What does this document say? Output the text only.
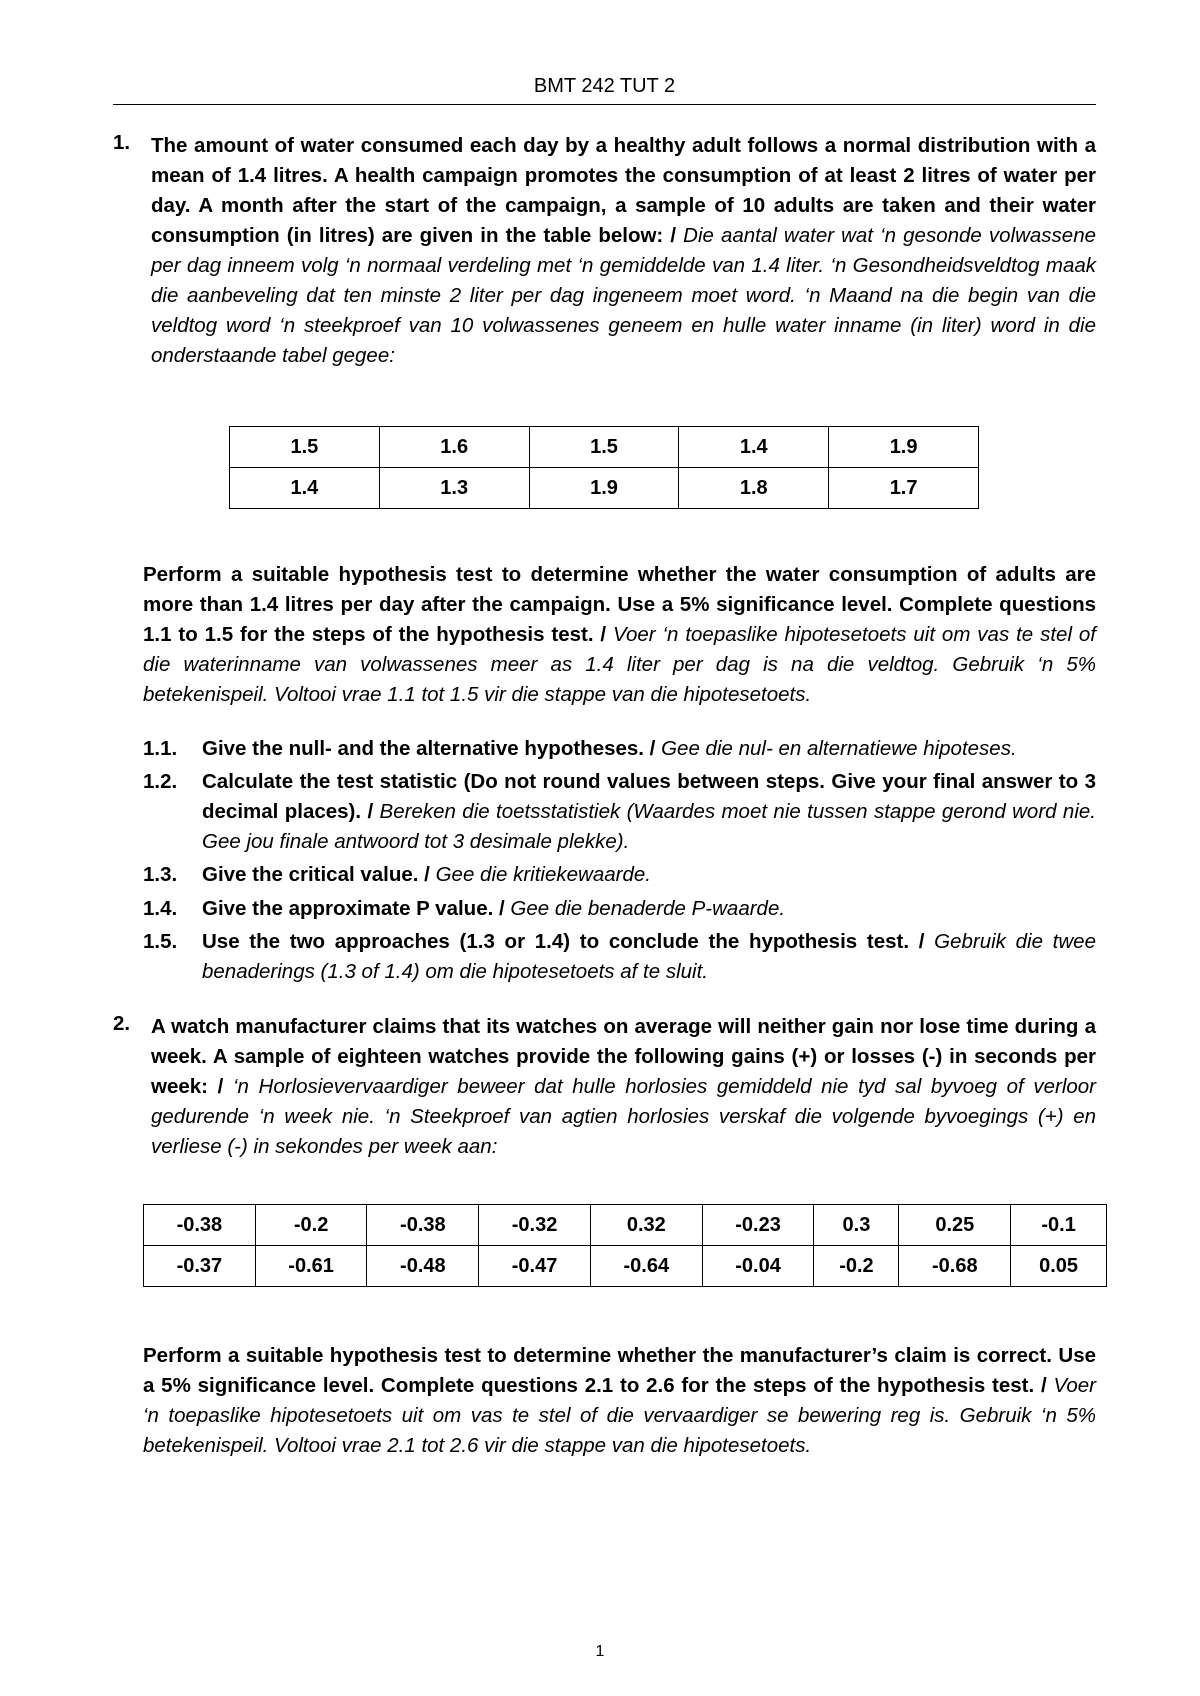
BMT 242 TUT 2
1. The amount of water consumed each day by a healthy adult follows a normal distribution with a mean of 1.4 litres. A health campaign promotes the consumption of at least 2 litres of water per day. A month after the start of the campaign, a sample of 10 adults are taken and their water consumption (in litres) are given in the table below: / Die aantal water wat ‘n gesonde volwassene per dag inneem volg ‘n normaal verdeling met ‘n gemiddelde van 1.4 liter. ‘n Gesondheidsveldtog maak die aanbeveling dat ten minste 2 liter per dag ingeneem moet word. ‘n Maand na die begin van die veldtog word ‘n steekproef van 10 volwassenes geneem en hulle water inname (in liter) word in die onderstaande tabel gegee:
1.5	1.6	1.5	1.4	1.9
1.4	1.3	1.9	1.8	1.7
Perform a suitable hypothesis test to determine whether the water consumption of adults are more than 1.4 litres per day after the campaign. Use a 5% significance level. Complete questions 1.1 to 1.5 for the steps of the hypothesis test. / Voer ‘n toepaslike hipotesetoets uit om vas te stel of die waterinname van volwassenes meer as 1.4 liter per dag is na die veldtog. Gebruik ‘n 5% betekenispeil. Voltooi vrae 1.1 tot 1.5 vir die stappe van die hipotesetoets.
1.1. Give the null- and the alternative hypotheses. / Gee die nul- en alternatiewe hipoteses.
1.2. Calculate the test statistic (Do not round values between steps. Give your final answer to 3 decimal places). / Bereken die toetsstatistiek (Waardes moet nie tussen stappe gerond word nie. Gee jou finale antwoord tot 3 desimale plekke).
1.3. Give the critical value. / Gee die kritiekewaarde.
1.4. Give the approximate P value. / Gee die benaderde P-waarde.
1.5. Use the two approaches (1.3 or 1.4) to conclude the hypothesis test. / Gebruik die twee benaderings (1.3 of 1.4) om die hipotesetoets af te sluit.
2. A watch manufacturer claims that its watches on average will neither gain nor lose time during a week. A sample of eighteen watches provide the following gains (+) or losses (-) in seconds per week: / ‘n Horlosievervaardiger beweer dat hulle horlosies gemiddeld nie tyd sal byvoeg of verloor gedurende ‘n week nie. ‘n Steekproef van agtien horlosies verskaf die volgende byvoegings (+) en verliese (-) in sekondes per week aan:
-0.38	-0.2	-0.38	-0.32	0.32	-0.23	0.3	0.25	-0.1
-0.37	-0.61	-0.48	-0.47	-0.64	-0.04	-0.2	-0.68	0.05
Perform a suitable hypothesis test to determine whether the manufacturer’s claim is correct. Use a 5% significance level. Complete questions 2.1 to 2.6 for the steps of the hypothesis test. / Voer ‘n toepaslike hipotesetoets uit om vas te stel of die vervaardiger se bewering reg is. Gebruik ‘n 5% betekenispeil. Voltooi vrae 2.1 tot 2.6 vir die stappe van die hipotesetoets.
1
